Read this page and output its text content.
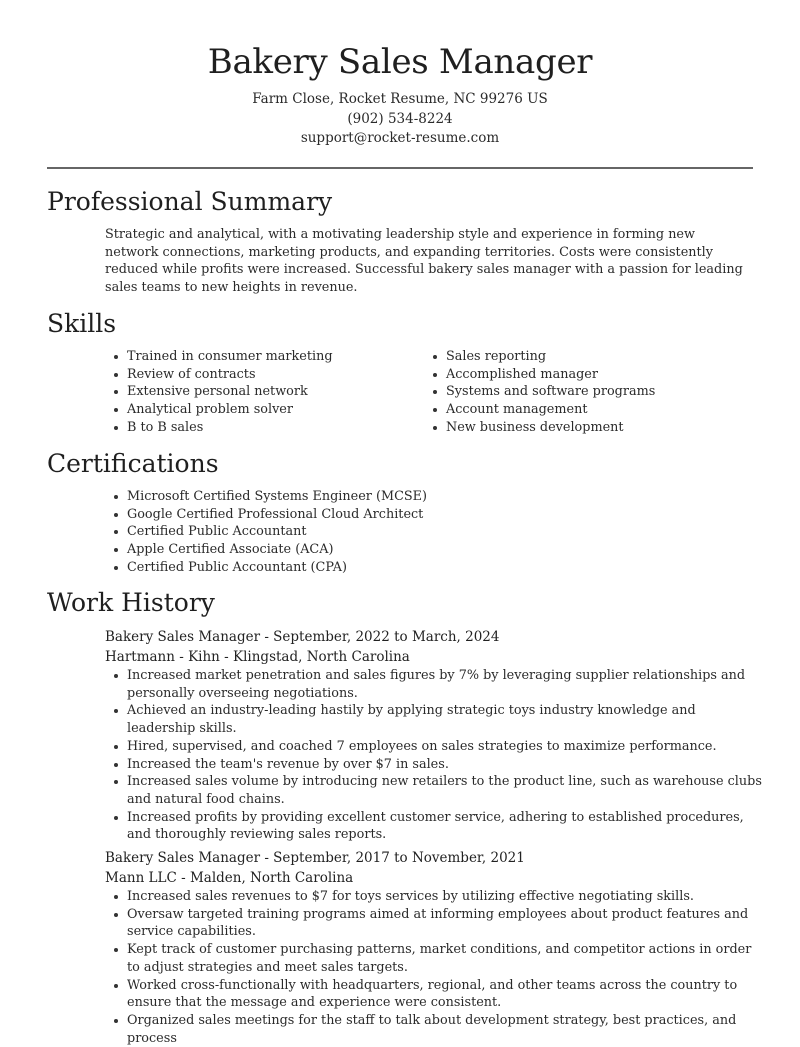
Bakery Sales Manager
Farm Close, Rocket Resume, NC 99276 US
(902) 534-8224
support@rocket-resume.com
Professional Summary

Strategic and analytical, with a motivating leadership style and experience in forming new network connections, marketing products, and expanding territories. Costs were consistently reduced while profits were increased. Successful bakery sales manager with a passion for leading sales teams to new heights in revenue.

Skills
Trained in consumer marketing
Review of contracts
Extensive personal network
Analytical problem solver
B to B sales
Sales reporting
Accomplished manager
Systems and software programs
Account management
New business development
Certifications
Microsoft Certified Systems Engineer (MCSE)
Google Certified Professional Cloud Architect
Certified Public Accountant
Apple Certified Associate (ACA)
Certified Public Accountant (CPA)
Work History

Bakery Sales Manager - September, 2022 to March, 2024

Hartmann - Kihn - Klingstad, North Carolina

Increased market penetration and sales figures by 7% by leveraging supplier relationships and personally overseeing negotiations.
Achieved an industry-leading hastily by applying strategic toys industry knowledge and leadership skills.
Hired, supervised, and coached 7 employees on sales strategies to maximize performance.
Increased the team's revenue by over $7 in sales.
Increased sales volume by introducing new retailers to the product line, such as warehouse clubs and natural food chains.
Increased profits by providing excellent customer service, adhering to established procedures, and thoroughly reviewing sales reports.

Bakery Sales Manager - September, 2017 to November, 2021

Mann LLC - Malden, North Carolina

Increased sales revenues to $7 for toys services by utilizing effective negotiating skills.
Oversaw targeted training programs aimed at informing employees about product features and service capabilities.
Kept track of customer purchasing patterns, market conditions, and competitor actions in order to adjust strategies and meet sales targets.
Worked cross-functionally with headquarters, regional, and other teams across the country to ensure that the message and experience were consistent.
Organized sales meetings for the staff to talk about development strategy, best practices, and process
